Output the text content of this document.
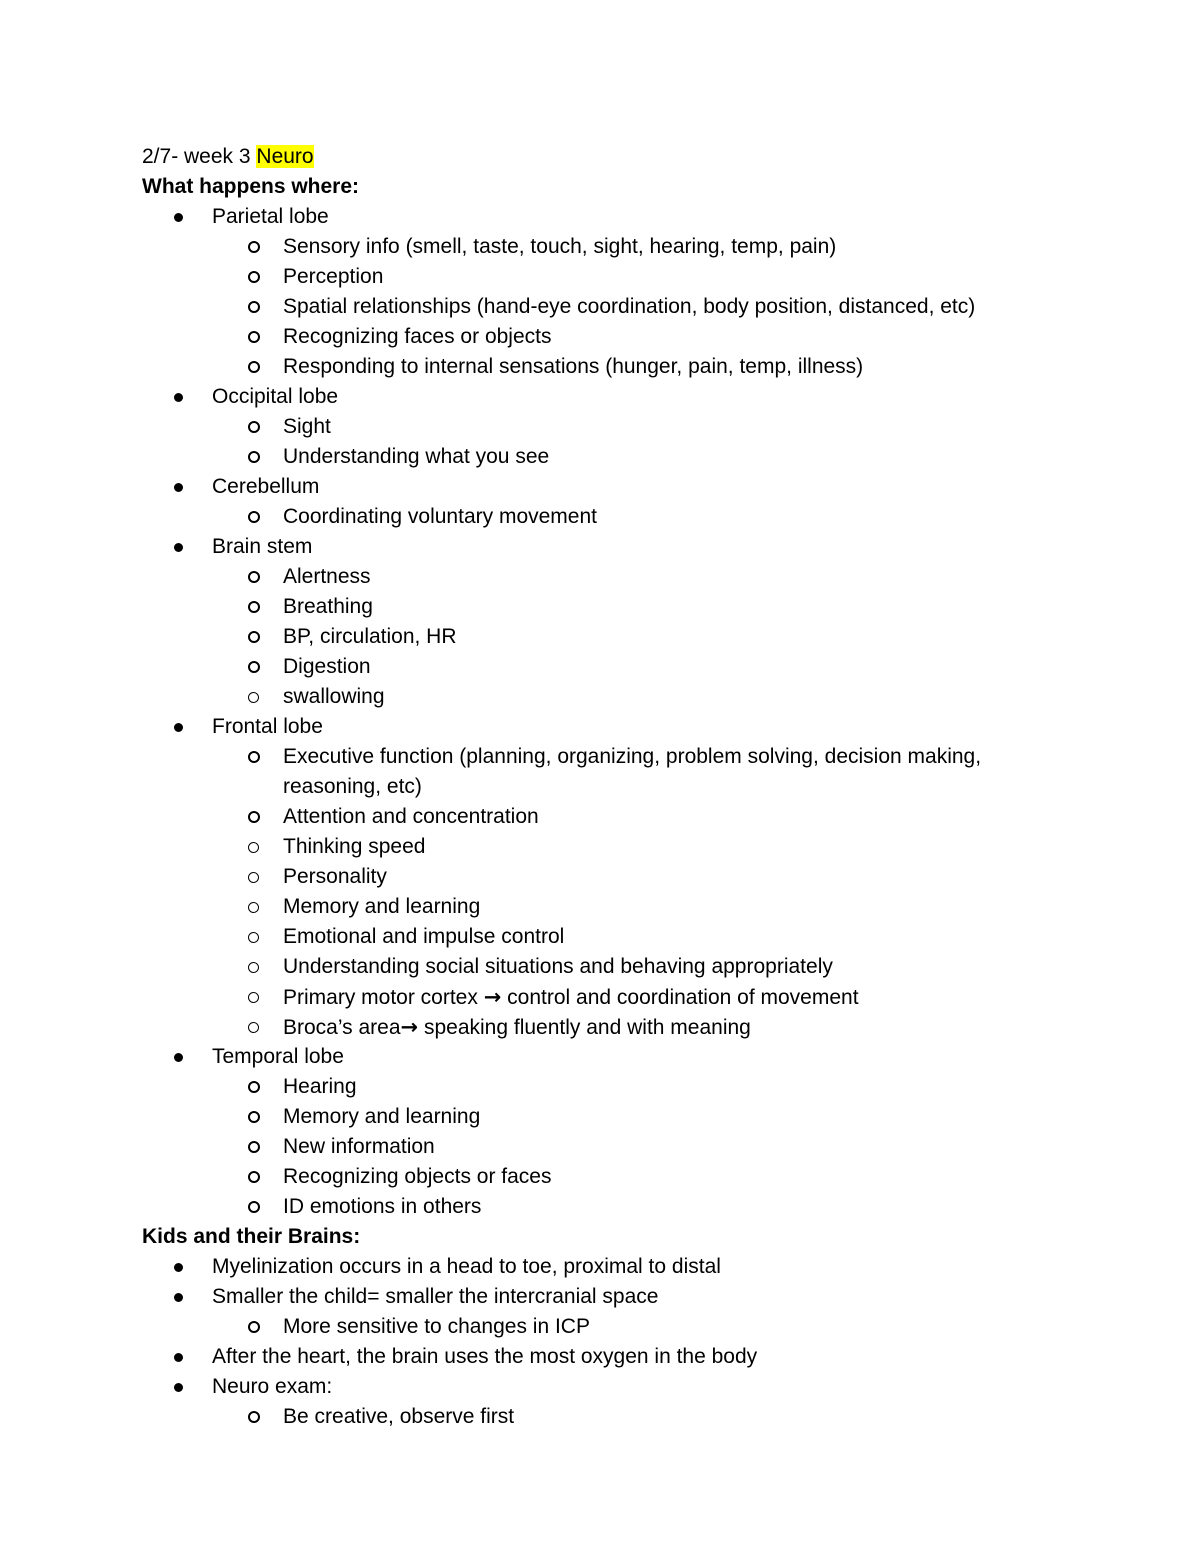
2/7- week 3 Neuro
What happens where:
Parietal lobe
Sensory info (smell, taste, touch, sight, hearing, temp, pain)
Perception
Spatial relationships (hand-eye coordination, body position, distanced, etc)
Recognizing faces or objects
Responding to internal sensations (hunger, pain, temp, illness)
Occipital lobe
Sight
Understanding what you see
Cerebellum
Coordinating voluntary movement
Brain stem
Alertness
Breathing
BP, circulation, HR
Digestion
swallowing
Frontal lobe
Executive function (planning, organizing, problem solving, decision making, reasoning, etc)
Attention and concentration
Thinking speed
Personality
Memory and learning
Emotional and impulse control
Understanding social situations and behaving appropriately
Primary motor cortex → control and coordination of movement
Broca’s area→ speaking fluently and with meaning
Temporal lobe
Hearing
Memory and learning
New information
Recognizing objects or faces
ID emotions in others
Kids and their Brains:
Myelinization occurs in a head to toe, proximal to distal
Smaller the child= smaller the intercranial space
More sensitive to changes in ICP
After the heart, the brain uses the most oxygen in the body
Neuro exam:
Be creative, observe first
